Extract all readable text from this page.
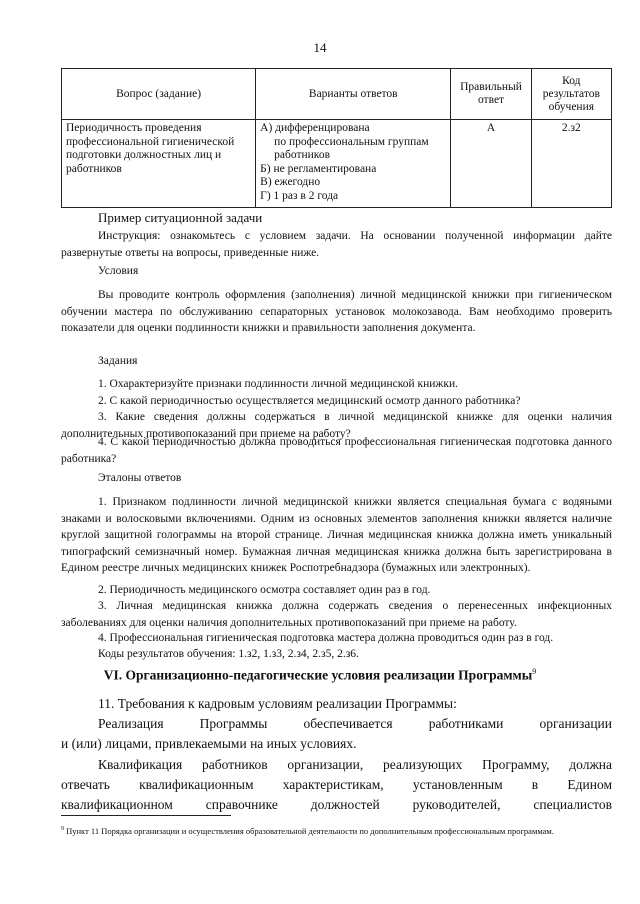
14
Вопрос (задание)	Варианты ответов	Правильный ответ	Код результатов обучения
Периодичность проведения профессиональной гигиенической подготовки должностных лиц и работников	А) дифференцирована
по профессиональным группам работников
Б) не регламентирована
В) ежегодно
Г) 1 раз в 2 года	А	2.з2
Пример ситуационной задачи
Инструкция: ознакомьтесь с условием задачи. На основании полученной информации дайте развернутые ответы на вопросы, приведенные ниже.
Условия
Вы проводите контроль оформления (заполнения) личной медицинской книжки при гигиеническом обучении мастера по обслуживанию сепараторных установок молокозавода. Вам необходимо проверить показатели для оценки подлинности книжки и правильности заполнения документа.
Задания
1. Охарактеризуйте признаки подлинности личной медицинской книжки.
2. С какой периодичностью осуществляется медицинский осмотр данного работника?
3. Какие сведения должны содержаться в личной медицинской книжке для оценки наличия дополнительных противопоказаний при приеме на работу?
4. С какой периодичностью должна проводиться профессиональная гигиеническая подготовка данного работника?
Эталоны ответов
1. Признаком подлинности личной медицинской книжки является специальная бумага с водяными знаками и волосковыми включениями. Одним из основных элементов заполнения книжки является наличие круглой защитной голограммы на второй странице. Личная медицинская книжка должна иметь уникальный типографский семизначный номер. Бумажная личная медицинская книжка должна быть зарегистрирована в Едином реестре личных медицинских книжек Роспотребнадзора (бумажных или электронных).
2. Периодичность медицинского осмотра составляет один раз в год.
3. Личная медицинская книжка должна содержать сведения о перенесенных инфекционных заболеваниях для оценки наличия дополнительных противопоказаний при приеме на работу.
4. Профессиональная гигиеническая подготовка мастера должна проводиться один раз в год.
Коды результатов обучения: 1.з2, 1.з3, 2.з4, 2.з5, 2.з6.
VI. Организационно-педагогические условия реализации Программы$^9$
11. Требования к кадровым условиям реализации Программы:
Реализация Программы обеспечивается работниками организации
и (или) лицами, привлекаемыми на иных условиях.
Квалификация работников организации, реализующих Программу, должна
отвечать квалификационным характеристикам, установленным в Едином
квалификационном справочнике должностей руководителей, специалистов
$^9$ Пункт 11 Порядка организации и осуществления образовательной деятельности по дополнительным профессиональным программам.
